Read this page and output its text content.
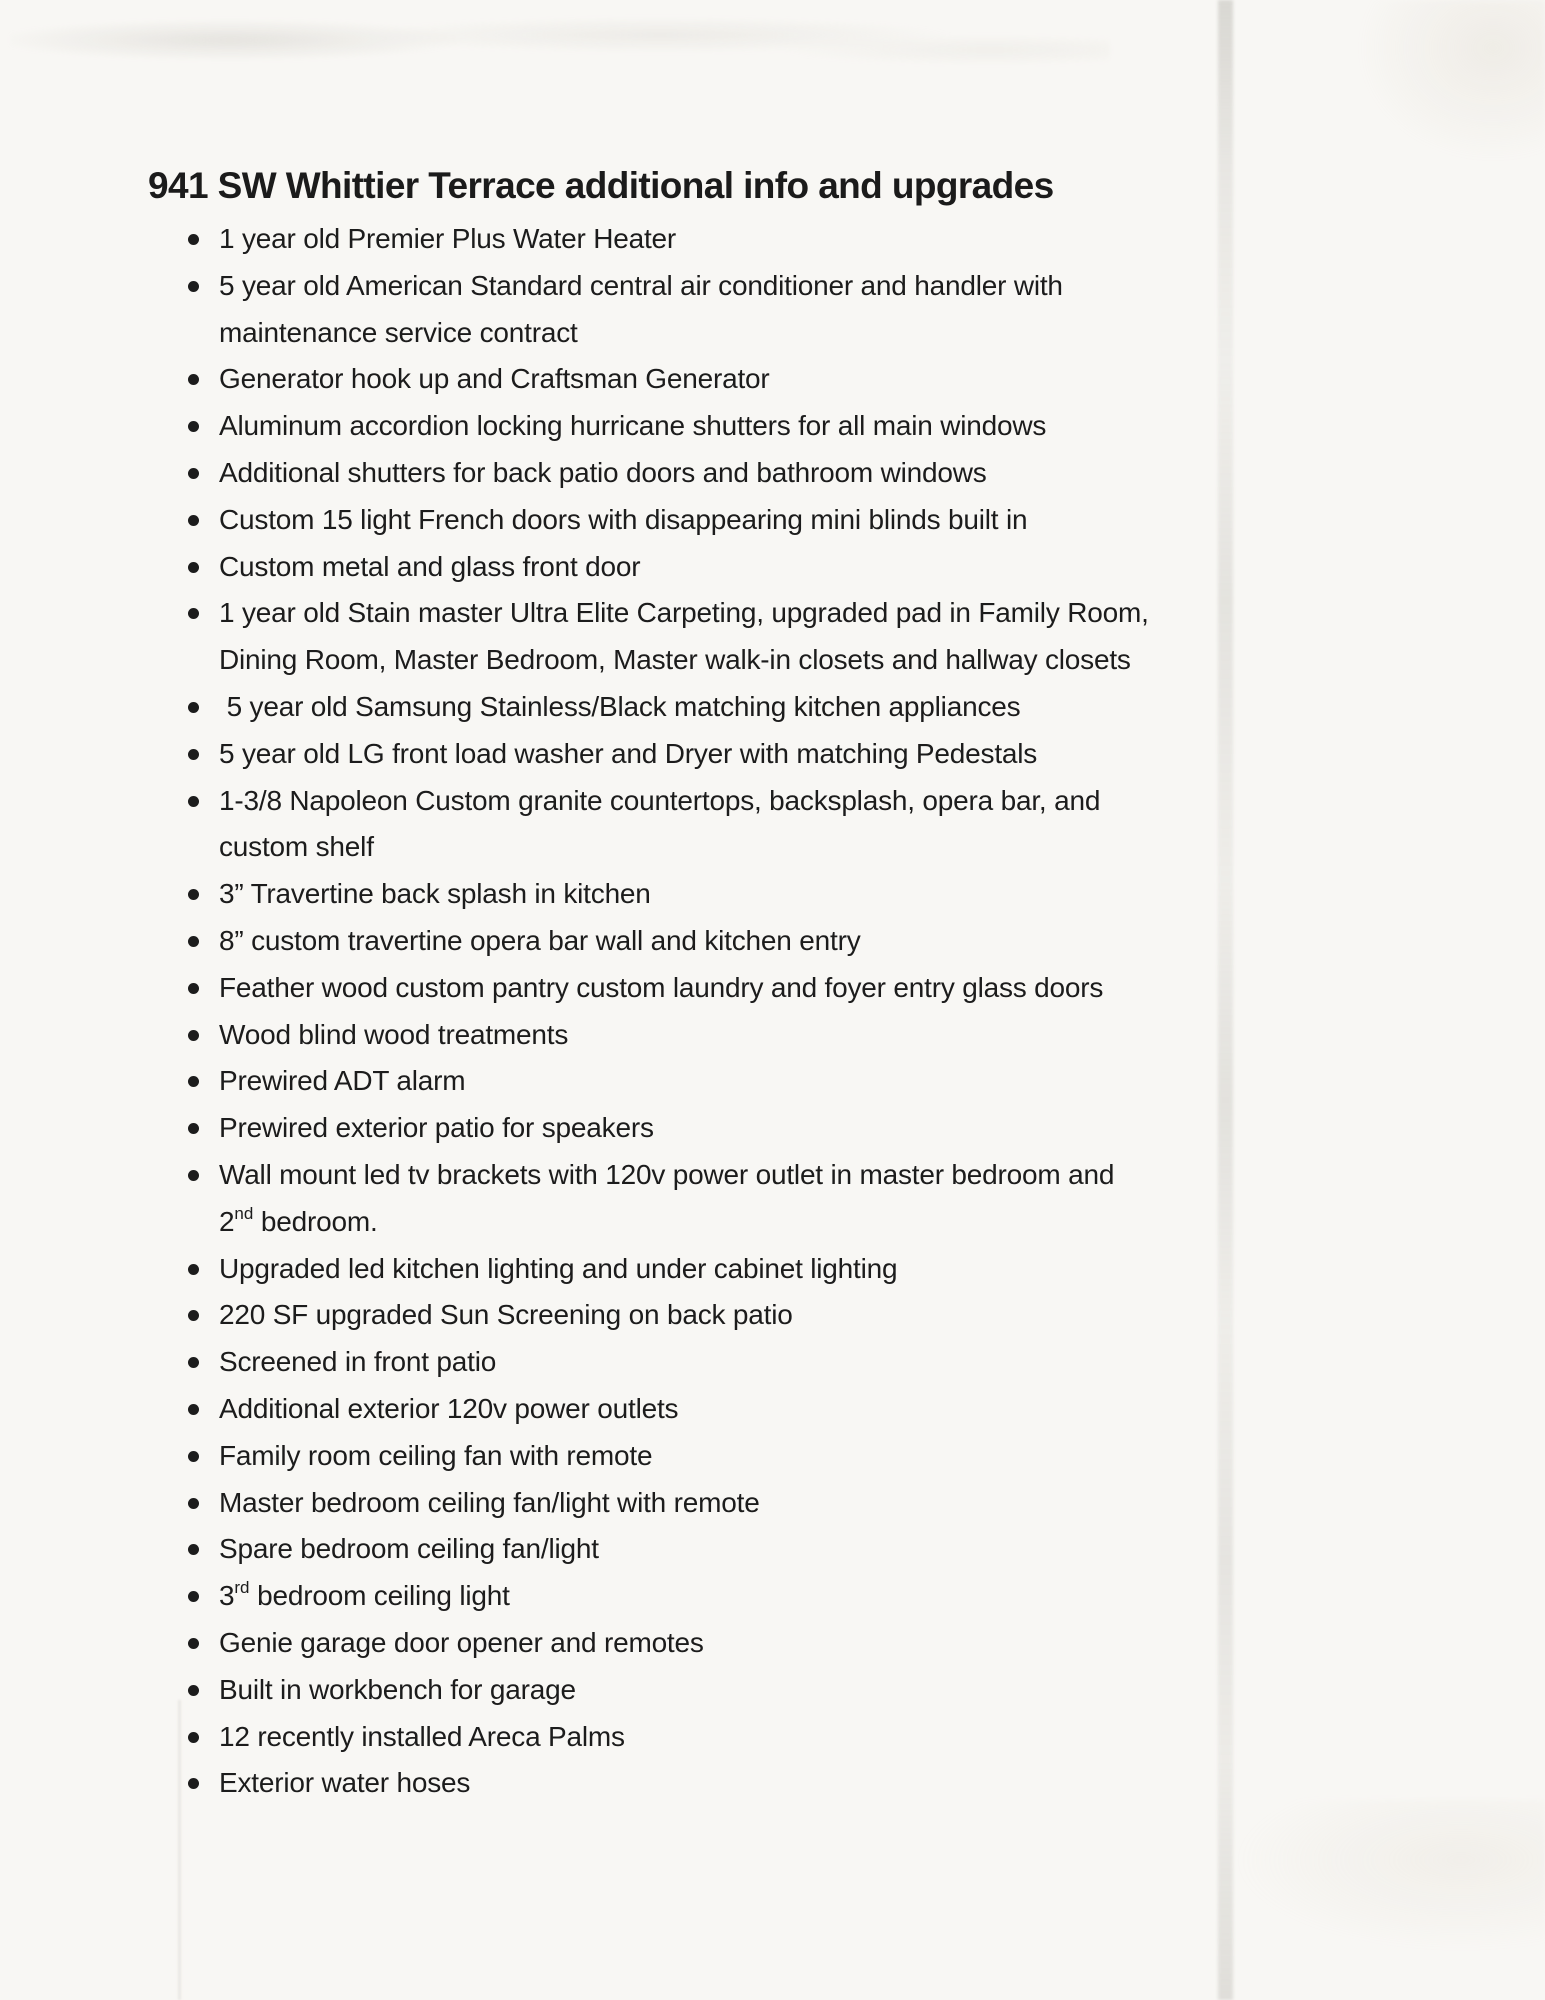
941 SW Whittier Terrace additional info and upgrades
1 year old Premier Plus Water Heater
5 year old American Standard central air conditioner and handler with
maintenance service contract
Generator hook up and Craftsman Generator
Aluminum accordion locking hurricane shutters for all main windows
Additional shutters for back patio doors and bathroom windows
Custom 15 light French doors with disappearing mini blinds built in
Custom metal and glass front door
1 year old Stain master Ultra Elite Carpeting, upgraded pad in Family Room,
Dining Room, Master Bedroom, Master walk-in closets and hallway closets
5 year old Samsung Stainless/Black matching kitchen appliances
5 year old LG front load washer and Dryer with matching Pedestals
1-3/8 Napoleon Custom granite countertops, backsplash, opera bar, and
custom shelf
3” Travertine back splash in kitchen
8” custom travertine opera bar wall and kitchen entry
Feather wood custom pantry custom laundry and foyer entry glass doors
Wood blind wood treatments
Prewired ADT alarm
Prewired exterior patio for speakers
Wall mount led tv brackets with 120v power outlet in master bedroom and
2nd bedroom.
Upgraded led kitchen lighting and under cabinet lighting
220 SF upgraded Sun Screening on back patio
Screened in front patio
Additional exterior 120v power outlets
Family room ceiling fan with remote
Master bedroom ceiling fan/light with remote
Spare bedroom ceiling fan/light
3rd bedroom ceiling light
Genie garage door opener and remotes
Built in workbench for garage
12 recently installed Areca Palms
Exterior water hoses
